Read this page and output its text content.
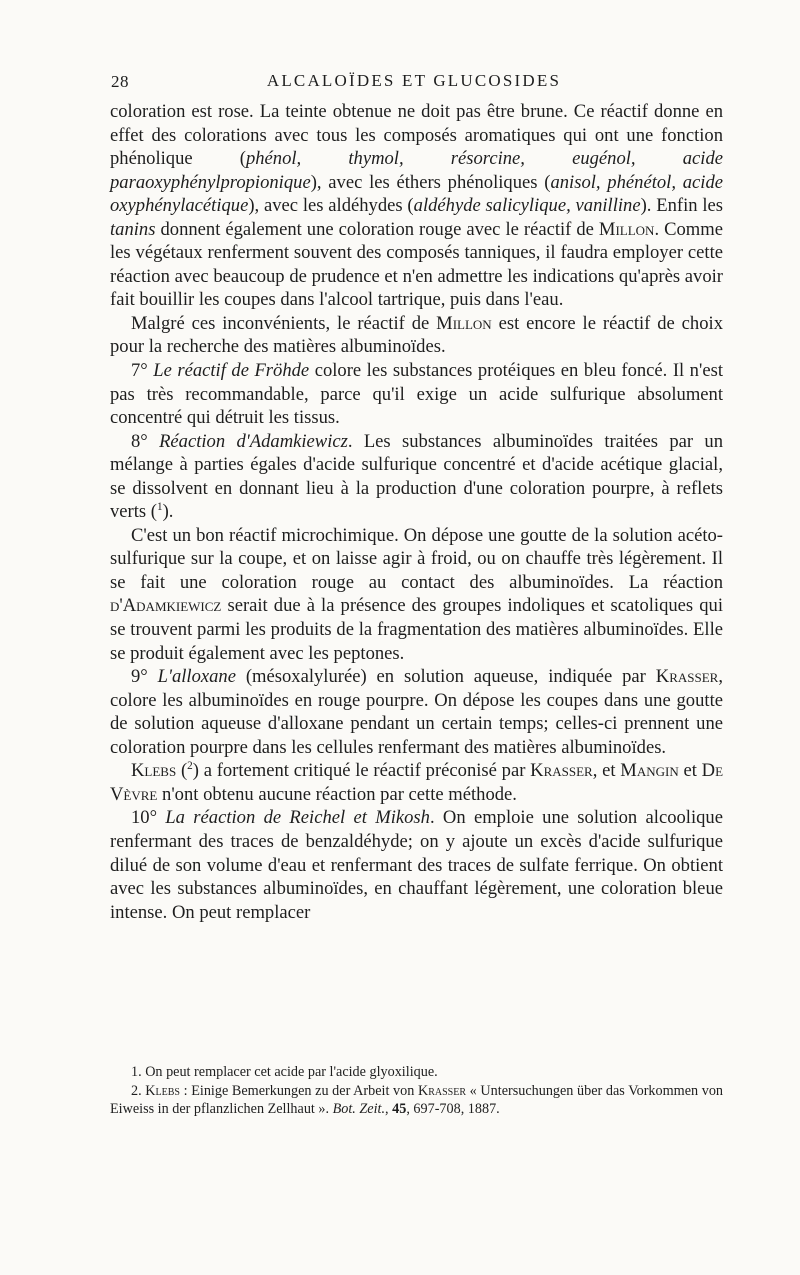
28	ALCALOÏDES ET GLUCOSIDES

coloration est rose. La teinte obtenue ne doit pas être brune. Ce réactif donne en effet des colorations avec tous les composés aromatiques qui ont une fonction phénolique (phénol, thymol, résorcine, eugénol, acide paraoxyphénylpropionique), avec les éthers phénoliques (anisol, phénétol, acide oxyphénylacétique), avec les aldéhydes (aldéhyde salicylique, vanilline). Enfin les tanins donnent également une coloration rouge avec le réactif de Millon. Comme les végétaux renferment souvent des composés tanniques, il faudra employer cette réaction avec beaucoup de prudence et n'en admettre les indications qu'après avoir fait bouillir les coupes dans l'alcool tartrique, puis dans l'eau.

Malgré ces inconvénients, le réactif de Millon est encore le réactif de choix pour la recherche des matières albuminoïdes.

7° Le réactif de Fröhde colore les substances protéiques en bleu foncé. Il n'est pas très recommandable, parce qu'il exige un acide sulfurique absolument concentré qui détruit les tissus.

8° Réaction d'Adamkiewicz. Les substances albuminoïdes traitées par un mélange à parties égales d'acide sulfurique concentré et d'acide acétique glacial, se dissolvent en donnant lieu à la production d'une coloration pourpre, à reflets verts ($^1$).

C'est un bon réactif microchimique. On dépose une goutte de la solution acéto-sulfurique sur la coupe, et on laisse agir à froid, ou on chauffe très légèrement. Il se fait une coloration rouge au contact des albuminoïdes. La réaction d'Adamkiewicz serait due à la présence des groupes indoliques et scatoliques qui se trouvent parmi les produits de la fragmentation des matières albuminoïdes. Elle se produit également avec les peptones.

9° L'alloxane (mésoxalylurée) en solution aqueuse, indiquée par Krasser, colore les albuminoïdes en rouge pourpre. On dépose les coupes dans une goutte de solution aqueuse d'alloxane pendant un certain temps; celles-ci prennent une coloration pourpre dans les cellules renfermant des matières albuminoïdes.

Klebs ($^2$) a fortement critiqué le réactif préconisé par Krasser, et Mangin et De Vèvre n'ont obtenu aucune réaction par cette méthode.

10° La réaction de Reichel et Mikosh. On emploie une solution alcoolique renfermant des traces de benzaldéhyde; on y ajoute un excès d'acide sulfurique dilué de son volume d'eau et renfermant des traces de sulfate ferrique. On obtient avec les substances albuminoïdes, en chauffant légèrement, une coloration bleue intense. On peut remplacer

1. On peut remplacer cet acide par l'acide glyoxilique.

2. Klebs : Einige Bemerkungen zu der Arbeit von Krasser « Untersuchungen über das Vorkommen von Eiweiss in der pflanzlichen Zellhaut ». Bot. Zeit., 45, 697-708, 1887.
